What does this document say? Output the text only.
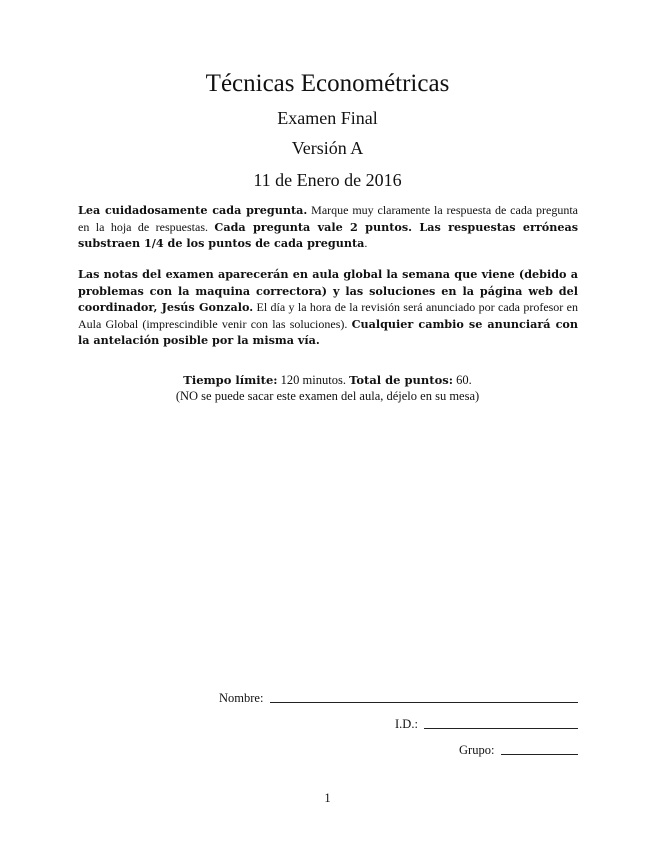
Técnicas Econométricas
Examen Final
Versión A
11 de Enero de 2016
Lea cuidadosamente cada pregunta. Marque muy claramente la respuesta de cada pregunta en la hoja de respuestas. Cada pregunta vale 2 puntos. Las respuestas erróneas substraen 1/4 de los puntos de cada pregunta.
Las notas del examen aparecerán en aula global la semana que viene (debido a problemas con la maquina correctora) y las soluciones en la página web del coordinador, Jesús Gonzalo. El día y la hora de la revisión será anunciado por cada profesor en Aula Global (imprescindible venir con las soluciones). Cualquier cambio se anunciará con la antelación posible por la misma vía.
Tiempo límite: 120 minutos. Total de puntos: 60.
(NO se puede sacar este examen del aula, déjelo en su mesa)
Nombre:
I.D.:
Grupo:
1
